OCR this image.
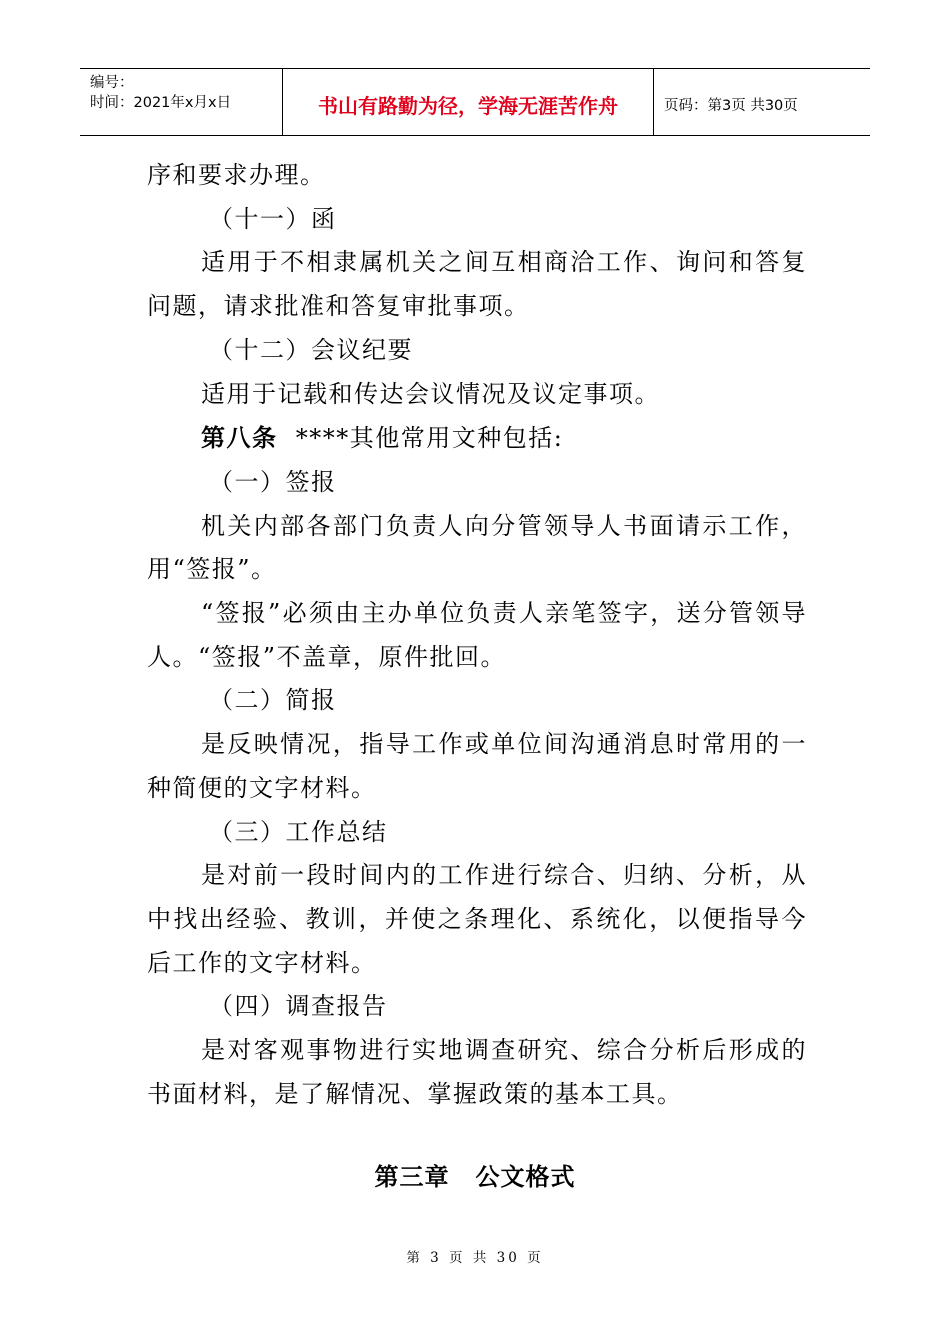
编号：
时间：2021年x月x日	书山有路勤为径，学海无涯苦作舟	页码：第3页 共30页

序和要求办理。

（十一）函

适用于不相隶属机关之间互相商洽工作、询问和答复问题，请求批准和答复审批事项。

（十二）会议纪要

适用于记载和传达会议情况及议定事项。

第八条  ****其他常用文种包括:

（一）签报

机关内部各部门负责人向分管领导人书面请示工作，用“签报”。

“签报”必须由主办单位负责人亲笔签字，送分管领导人。“签报”不盖章，原件批回。

（二）简报

是反映情况，指导工作或单位间沟通消息时常用的一种简便的文字材料。

（三）工作总结

是对前一段时间内的工作进行综合、归纳、分析，从中找出经验、教训，并使之条理化、系统化，以便指导今后工作的文字材料。

（四）调查报告

是对客观事物进行实地调查研究、综合分析后形成的书面材料，是了解情况、掌握政策的基本工具。

第三章 公文格式
第 3 页 共 30 页
